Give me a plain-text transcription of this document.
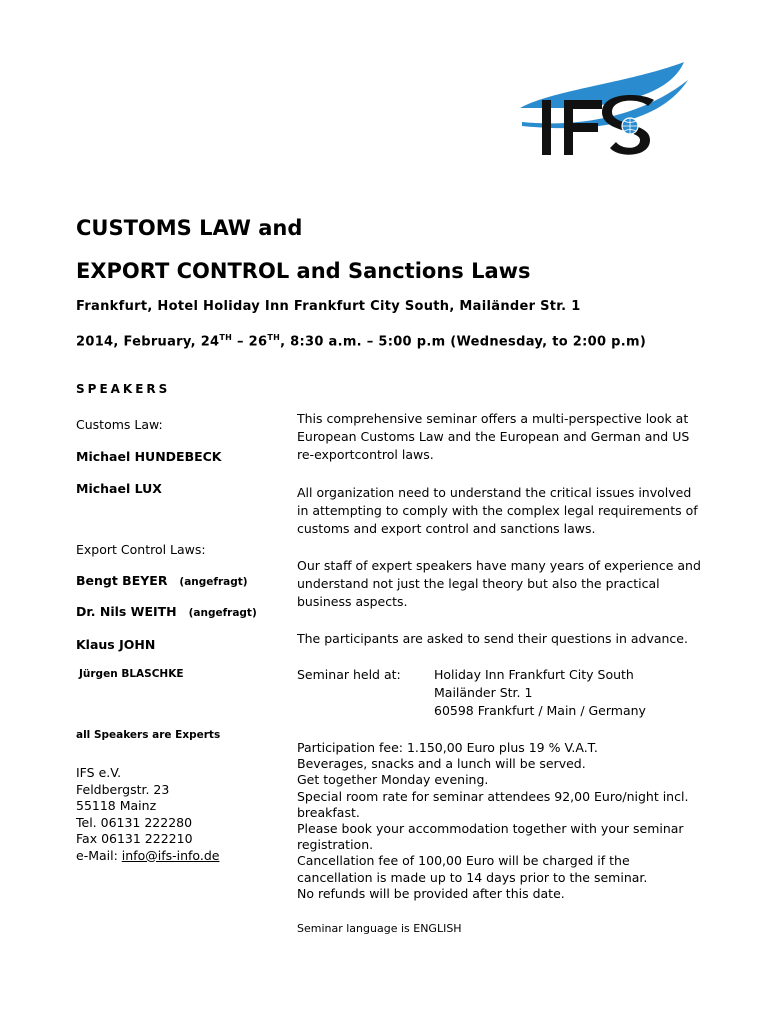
CUSTOMS LAW and
EXPORT CONTROL and Sanctions Laws
Frankfurt, Hotel Holiday Inn Frankfurt City South, Mailänder Str. 1
2014, February, 24TH – 26TH, 8:30 a.m. – 5:00 p.m (Wednesday, to 2:00 p.m)
SPEAKERS
Customs Law:
Michael HUNDEBECK
Michael LUX
Export Control Laws:
Bengt BEYER (angefragt)
Dr. Nils WEITH (angefragt)
Klaus JOHN
Jürgen BLASCHKE
all Speakers are Experts
IFS e.V.
Feldbergstr. 23
55118 Mainz
Tel. 06131 222280
Fax 06131 222210
e-Mail: info@ifs-info.de
This comprehensive seminar offers a multi-perspective look at European Customs Law and the European and German and US re-exportcontrol laws.
All organization need to understand the critical issues involved in attempting to comply with the complex legal requirements of customs and export control and sanctions laws.
Our staff of expert speakers have many years of experience and understand not just the legal theory but also the practical business aspects.
The participants are asked to send their questions in advance.
Seminar held at:	Holiday Inn Frankfurt City South
Mailänder Str. 1
60598 Frankfurt / Main / Germany
Participation fee: 1.150,00 Euro plus 19 % V.A.T.
Beverages, snacks and a lunch will be served.
Get together Monday evening.
Special room rate for seminar attendees 92,00 Euro/night incl. breakfast.
Please book your accommodation together with your seminar registration.
Cancellation fee of 100,00 Euro will be charged if the cancellation is made up to 14 days prior to the seminar.
No refunds will be provided after this date.
Seminar language is ENGLISH
